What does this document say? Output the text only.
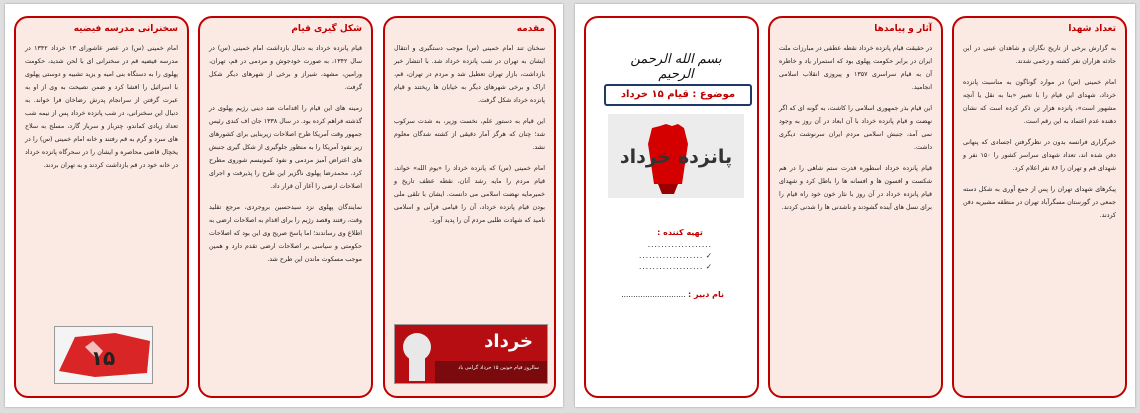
سخنرانی مدرسه فیضیه

امام خمینی (س) در عصر عاشورای ۱۳ خرداد ۱۳۴۲ در مدرسه فیضیه قم در سخنرانی ای با لحن شدید، حکومت پهلوی را به دستگاه بنی امیه و یزید تشبیه و دوستی پهلوی با اسرائیل را افشا کرد و ضمن نصیحت به وی از او به عبرت گرفتن از سرانجام پدرش رضاخان فرا خواند. به دنبال این سخنرانی، در شب پانزده خرداد پس از نیمه شب تعداد زیادی کماندو، چترباز و سرباز گارد، مسلح به سلاح های سرد و گرم به قم رفتند و خانه امام خمینی (س) را در یخچال قاضی محاصره و ایشان را در سحرگاه پانزده خرداد در خانه خود در قم بازداشت کردند و به تهران بردند.

۱۵
شکل گیری قیام

قیام پانزده خرداد به دنبال بازداشت امام خمینی (س) در سال ۱۳۴۲، به صورت خودجوش و مردمی در قم، تهران، ورامین، مشهد، شیراز و برخی از شهرهای دیگر شکل گرفت.

زمینه های این قیام را اقدامات ضد دینی رژیم پهلوی در گذشته فراهم کرده بود. در سال ۱۳۳۸ جان اف کندی رئیس جمهور وقت آمریکا طرح اصلاحات زیربنایی برای کشورهای زیر نفوذ آمریکا را به منظور جلوگیری از شکل گیری جنبش های اعتراض آمیز مردمی و نفوذ کمونیسم شوروی مطرح کرد. محمدرضا پهلوی ناگزیر این طرح را پذیرفت و اجرای اصلاحات ارضی را آغاز آن قرار داد.

نمایندگان پهلوی نزد سیدحسین بروجردی، مرجع تقلید وقت، رفتند وقصد رژیم را برای اقدام به اصلاحات ارضی به اطلاع وی رساندند؛ اما پاسخ صریح وی این بود که اصلاحات حکومتی و سیاسی بر اصلاحات ارضی تقدم دارد و همین موجب مسکوت ماندن این طرح شد.

مقدمه

سخنان تند امام خمینی (س) موجب دستگیری و انتقال ایشان به تهران در شب پانزده خرداد شد. با انتشار خبر بازداشت، بازار تهران تعطیل شد و مردم در تهران، قم، اراک و برخی شهرهای دیگر به خیابان ها ریختند و قیام پانزده خرداد شکل گرفت.

این قیام به دستور علم، نخست وزیر، به شدت سرکوب شد؛ چنان که هرگز آمار دقیقی از کشته شدگان معلوم نشد.

امام خمینی (س) که پانزده خرداد را «یوم الله» خواند، قیام مردم را مایه رشد آنان، نقطه عطف تاریخ و خمیرمایه نهضت اسلامی می دانست. ایشان با تلقی ملی بودن قیام پانزده خرداد، آن را قیامی قرآنی و اسلامی نامید که شهادت طلبی مردم آن را پدید آورد.

خرداد
سالروز قیام خونین ۱۵ خرداد گرامی باد
بسم الله الرحمن الرحیم
موضوع : قیام ۱۵ خرداد
پانزده خرداد
تهیه کننده :
...................
✓ ...................
✓ ...................
نام دبیر : ...........................
آثار و پیامدها

در حقیقت قیام پانزده خرداد نقطه عطفی در مبارزات ملت ایران در برابر حکومت پهلوی بود که استمرار یاد و خاطره آن به قیام سراسری ۱۳۵۷ و پیروزی انقلاب اسلامی انجامید.

این قیام بذر جمهوری اسلامی را کاشت، به گونه ای که اگر نهضت و قیام پانزده خرداد با آن ابعاد در آن روز به وجود نمی آمد، جنبش اسلامی مردم ایران سرنوشت دیگری داشت.

قیام پانزده خرداد اسطوره قدرت ستم شاهی را در هم شکست و افسون ها و افسانه ها را باطل کرد و شهدای قیام پانزده خرداد در آن روز با نثار خون خود راه قیام را برای نسل های آینده گشودند و ناشدنی ها را شدنی کردند.

تعداد شهدا

به گزارش برخی از تاریخ نگاران و شاهدان عینی در این حادثه هزاران نفر کشته و زخمی شدند.

امام خمینی (س) در موارد گوناگون به مناسبت پانزده خرداد، شهدای این قیام را با تعبیر «بنا به نقل یا آنچه مشهور است»، پانزده هزار تن ذکر کرده است که نشان دهنده عدم اعتماد به این رقم است.

خبرگزاری فرانسه بدون در نظرگرفتن اجسادی که پنهانی دفن شده اند، تعداد شهدای سراسر کشور را ۱۵۰ نفر و شهدای قم و تهران را ۸۶ نفر اعلام کرد.

پیکرهای شهدای تهران را پس از جمع آوری به شکل دسته جمعی در گورستان مسگرآباد تهران در منطقه مشیریه دفن کردند.
